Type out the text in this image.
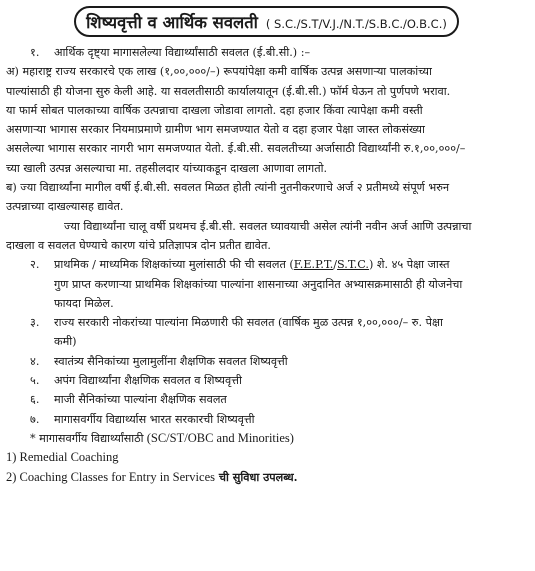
शिष्यवृत्ती व आर्थिक सवलती ( S.C./S.T/V.J./N.T./S.B.C./O.B.C.)
१. आर्थिक दृष्ट्या मागासलेल्या विद्यार्थ्यांसाठी सवलत (ई.बी.सी.) :–
अ) महाराष्ट्र राज्य सरकारचे एक लाख (१,००,०००/–) रूपयांपेक्षा कमी वार्षिक उत्पन्न असणाऱ्या पालकांच्या
पाल्यांसाठी ही योजना सुरु केली आहे. या सवलतीसाठी कार्यालयातून (ई.बी.सी.) फॉर्म घेऊन तो पुर्णपणे भरावा.
या फार्म सोबत पालकाच्या वार्षिक उत्पन्नाचा दाखला जोडावा लागतो. दहा हजार किंवा त्यापेक्षा कमी वस्ती
असणाऱ्या भागास सरकार नियमाप्रमाणे ग्रामीण भाग समजण्यात येतो व दहा हजार पेक्षा जास्त लोकसंख्या
असलेल्या भागास सरकार नागरी भाग समजण्यात येतो. ई.बी.सी. सवलतीच्या अर्जासाठी विद्यार्थ्यांनी रु.१,००,०००/–
च्या खाली उत्पन्न असल्याचा मा. तहसीलदार यांच्याकडून दाखला आणावा लागतो.
ब) ज्या विद्यार्थ्यांना मागील वर्षी ई.बी.सी. सवलत मिळत होती त्यांनी नुतनीकरणाचे अर्ज २ प्रतीमध्ये संपूर्ण भरुन
उत्पन्नाच्या दाखल्यासह द्यावेत.
ज्या विद्यार्थ्यांना चालू वर्षी प्रथमच ई.बी.सी. सवलत घ्यावयाची असेल त्यांनी नवीन अर्ज आणि उत्पन्नाचा
दाखला व सवलत घेण्याचे कारण यांचे प्रतिज्ञापत्र दोन प्रतीत द्यावेत.
२.	प्राथमिक / माध्यमिक शिक्षकांच्या मुलांसाठी फी ची सवलत (F.E.P.T./S.T.C.) शे. ४५ पेक्षा जास्त
गुण प्राप्त करणाऱ्या प्राथमिक शिक्षकांच्या पाल्यांना शासनाच्या अनुदानित अभ्यासक्रमासाठी ही योजनेचा
फायदा मिळेल.
३.	राज्य सरकारी नोकरांच्या पाल्यांना मिळणारी फी सवलत (वार्षिक मुळ उत्पन्न १,००,०००/– रु. पेक्षा
कमी)
४.	स्वातंत्र्य सैनिकांच्या मुलामुलींना शैक्षणिक सवलत शिष्यवृत्ती
५.	अपंग विद्यार्थ्यांना शैक्षणिक सवलत व शिष्यवृत्ती
६.	माजी सैनिकांच्या पाल्यांना शैक्षणिक सवलत
७.	मागासवर्गीय विद्यार्थ्यास भारत सरकारची शिष्यवृत्ती
* मागासवर्गीय विद्यार्थ्यांसाठी (SC/ST/OBC and Minorities)
1) Remedial Coaching
2) Coaching Classes for Entry in Services ची सुविधा उपलब्ध.
